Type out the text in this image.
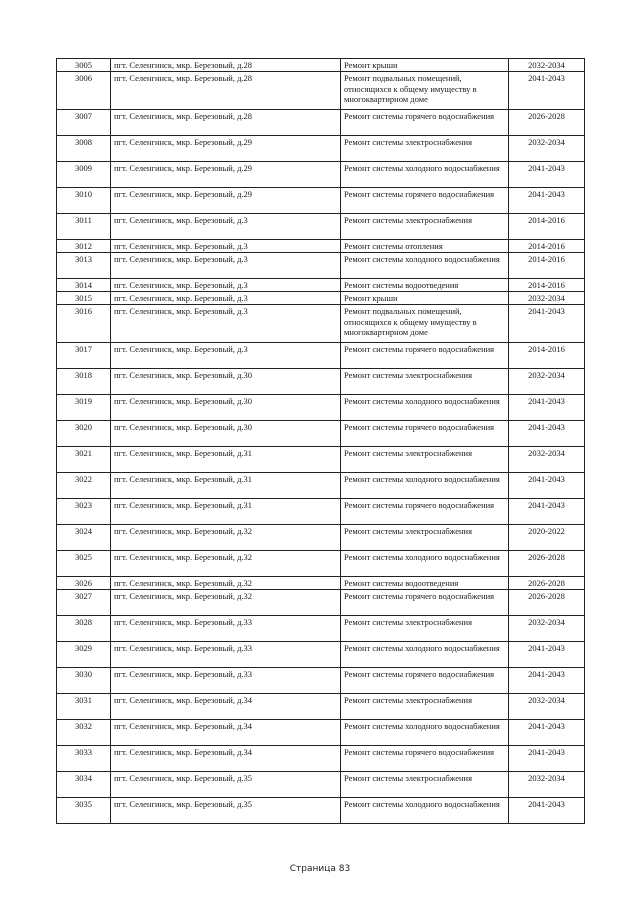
3005	пгт. Селенгинск, мкр. Березовый, д.28	Ремонт крыши	2032-2034
3006	пгт. Селенгинск, мкр. Березовый, д.28	Ремонт подвальных помещений, относящихся к общему имуществу в многоквартирном доме	2041-2043
3007	пгт. Селенгинск, мкр. Березовый, д.28	Ремонт системы горячего водоснабжения	2026-2028
3008	пгт. Селенгинск, мкр. Березовый, д.29	Ремонт системы электроснабжения	2032-2034
3009	пгт. Селенгинск, мкр. Березовый, д.29	Ремонт системы холодного водоснабжения	2041-2043
3010	пгт. Селенгинск, мкр. Березовый, д.29	Ремонт системы горячего водоснабжения	2041-2043
3011	пгт. Селенгинск, мкр. Березовый, д.3	Ремонт системы электроснабжения	2014-2016
3012	пгт. Селенгинск, мкр. Березовый, д.3	Ремонт системы отопления	2014-2016
3013	пгт. Селенгинск, мкр. Березовый, д.3	Ремонт системы холодного водоснабжения	2014-2016
3014	пгт. Селенгинск, мкр. Березовый, д.3	Ремонт системы водоотведения	2014-2016
3015	пгт. Селенгинск, мкр. Березовый, д.3	Ремонт крыши	2032-2034
3016	пгт. Селенгинск, мкр. Березовый, д.3	Ремонт подвальных помещений, относящихся к общему имуществу в многоквартирном доме	2041-2043
3017	пгт. Селенгинск, мкр. Березовый, д.3	Ремонт системы горячего водоснабжения	2014-2016
3018	пгт. Селенгинск, мкр. Березовый, д.30	Ремонт системы электроснабжения	2032-2034
3019	пгт. Селенгинск, мкр. Березовый, д.30	Ремонт системы холодного водоснабжения	2041-2043
3020	пгт. Селенгинск, мкр. Березовый, д.30	Ремонт системы горячего водоснабжения	2041-2043
3021	пгт. Селенгинск, мкр. Березовый, д.31	Ремонт системы электроснабжения	2032-2034
3022	пгт. Селенгинск, мкр. Березовый, д.31	Ремонт системы холодного водоснабжения	2041-2043
3023	пгт. Селенгинск, мкр. Березовый, д.31	Ремонт системы горячего водоснабжения	2041-2043
3024	пгт. Селенгинск, мкр. Березовый, д.32	Ремонт системы электроснабжения	2020-2022
3025	пгт. Селенгинск, мкр. Березовый, д.32	Ремонт системы холодного водоснабжения	2026-2028
3026	пгт. Селенгинск, мкр. Березовый, д.32	Ремонт системы водоотведения	2026-2028
3027	пгт. Селенгинск, мкр. Березовый, д.32	Ремонт системы горячего водоснабжения	2026-2028
3028	пгт. Селенгинск, мкр. Березовый, д.33	Ремонт системы электроснабжения	2032-2034
3029	пгт. Селенгинск, мкр. Березовый, д.33	Ремонт системы холодного водоснабжения	2041-2043
3030	пгт. Селенгинск, мкр. Березовый, д.33	Ремонт системы горячего водоснабжения	2041-2043
3031	пгт. Селенгинск, мкр. Березовый, д.34	Ремонт системы электроснабжения	2032-2034
3032	пгт. Селенгинск, мкр. Березовый, д.34	Ремонт системы холодного водоснабжения	2041-2043
3033	пгт. Селенгинск, мкр. Березовый, д.34	Ремонт системы горячего водоснабжения	2041-2043
3034	пгт. Селенгинск, мкр. Березовый, д.35	Ремонт системы электроснабжения	2032-2034
3035	пгт. Селенгинск, мкр. Березовый, д.35	Ремонт системы холодного водоснабжения	2041-2043
Страница 83
